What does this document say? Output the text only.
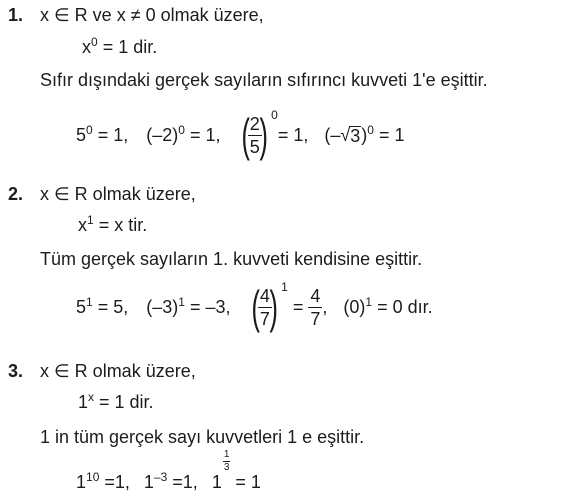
1. x ∈ R ve x ≠ 0 olmak üzere,
$x^0 = 1$ dir.
Sıfır dışındaki gerçek sayıların sıfırıncı kuvveti 1'e eşittir.
$5^0 = 1$, $(-2)^0 = 1$, (
$\frac{2}{5}$
) 0
= 1, (– √ 3 )$^0$ = 1
2. x ∈ R olmak üzere,
$x^1 = x$ tir.
Tüm gerçek sayıların 1. kuvveti kendisine eşittir.
$5^1 = 5$, $(-3)^1 = -3$, (
$\frac{4}{7}$
) 1
= $\frac{4}{7}$ , $(0)^1 = 0$ dır.
3. x ∈ R olmak üzere,
$1^x = 1$ dir.
1 in tüm gerçek sayı kuvvetleri 1 e eşittir.
$1^{10} =1$, $1^{-3} =1$, 1
$\frac{1}{3}$
= 1
